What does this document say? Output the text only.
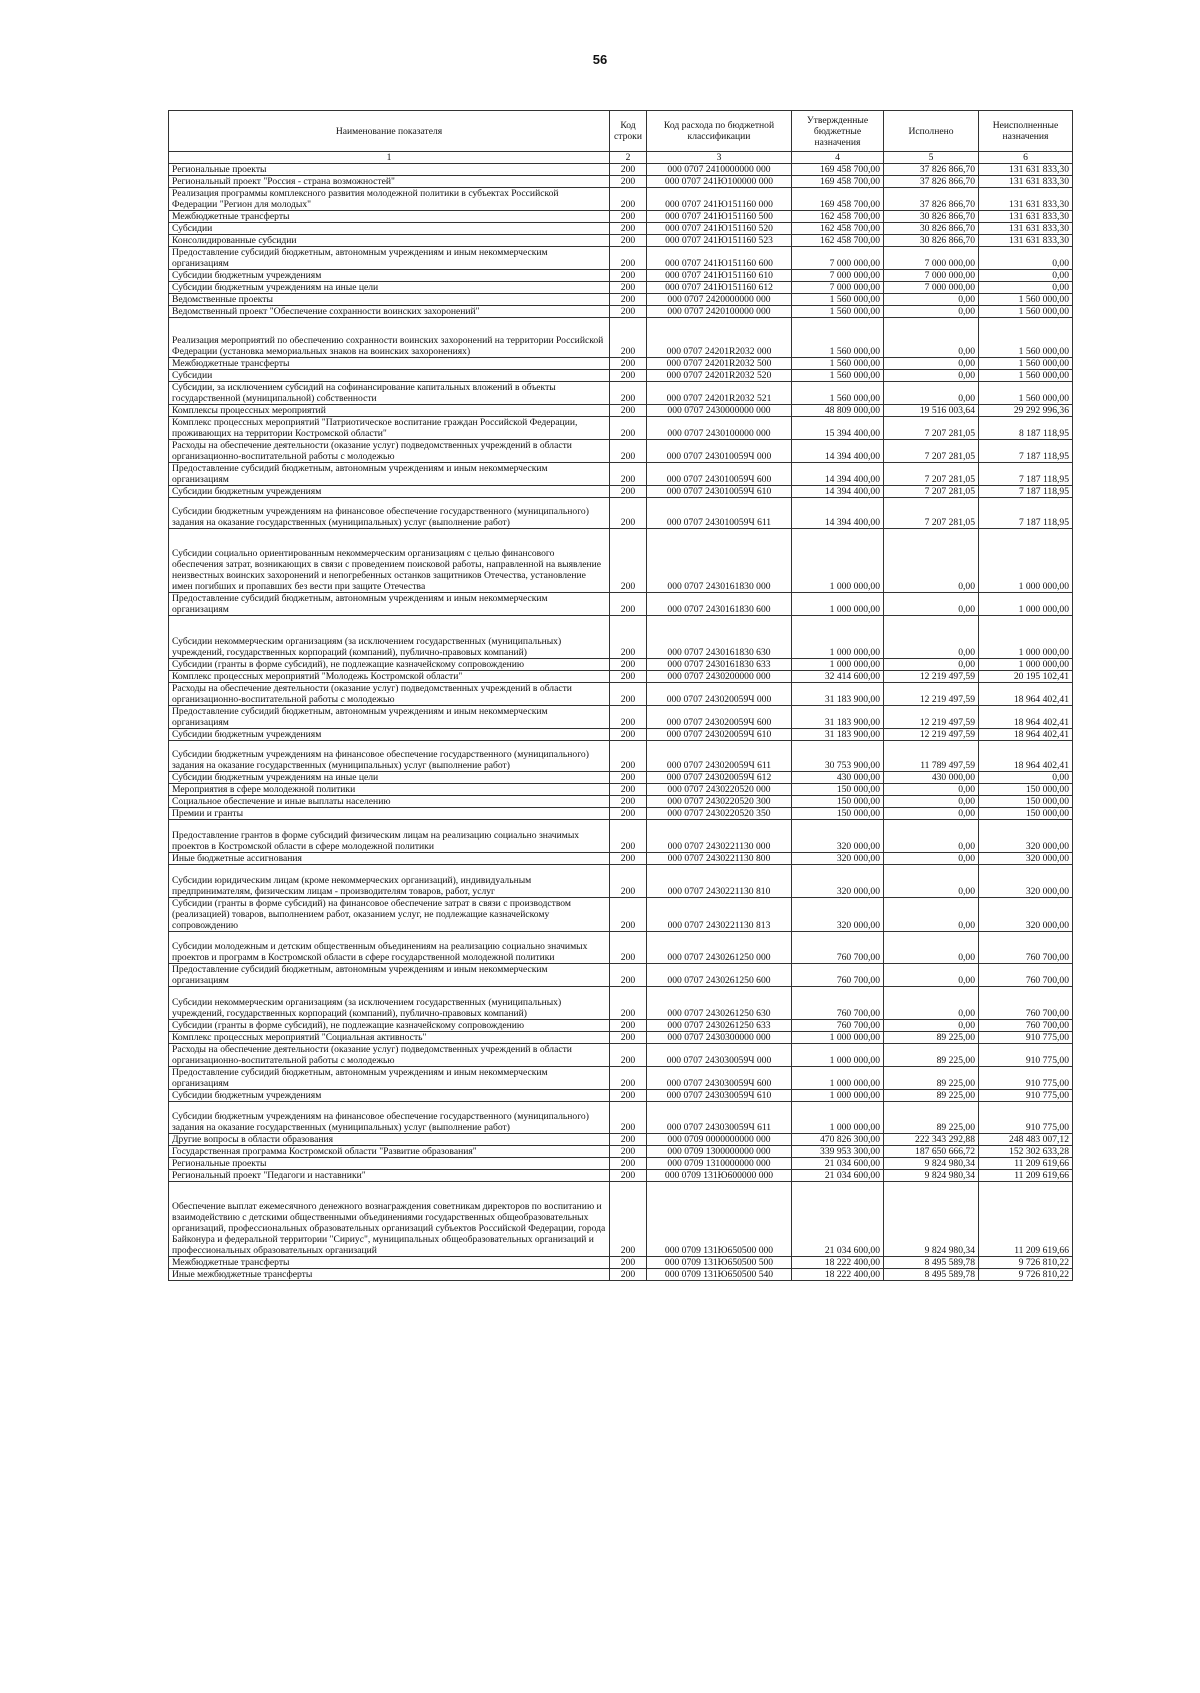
56
Наименование показателя	Код строки	Код расхода по бюджетной классификации	Утвержденные бюджетные назначения	Исполнено	Неисполненные назначения
1	2	3	4	5	6
Региональные проекты	200	000 0707 2410000000 000	169 458 700,00	37 826 866,70	131 631 833,30
Региональный проект "Россия - страна возможностей"	200	000 0707 241Ю100000 000	169 458 700,00	37 826 866,70	131 631 833,30
Реализация программы комплексного развития молодежной политики в субъектах Российской Федерации "Регион для молодых"	200	000 0707 241Ю151160 000	169 458 700,00	37 826 866,70	131 631 833,30
Межбюджетные трансферты	200	000 0707 241Ю151160 500	162 458 700,00	30 826 866,70	131 631 833,30
Субсидии	200	000 0707 241Ю151160 520	162 458 700,00	30 826 866,70	131 631 833,30
Консолидированные субсидии	200	000 0707 241Ю151160 523	162 458 700,00	30 826 866,70	131 631 833,30
Предоставление субсидий бюджетным, автономным учреждениям и иным некоммерческим организациям	200	000 0707 241Ю151160 600	7 000 000,00	7 000 000,00	0,00
Субсидии бюджетным учреждениям	200	000 0707 241Ю151160 610	7 000 000,00	7 000 000,00	0,00
Субсидии бюджетным учреждениям на иные цели	200	000 0707 241Ю151160 612	7 000 000,00	7 000 000,00	0,00
Ведомственные проекты	200	000 0707 2420000000 000	1 560 000,00	0,00	1 560 000,00
Ведомственный проект "Обеспечение сохранности воинских захоронений"	200	000 0707 2420100000 000	1 560 000,00	0,00	1 560 000,00
Реализация мероприятий по обеспечению сохранности воинских захоронений на территории Российской Федерации (установка мемориальных знаков на воинских захоронениях)	200	000 0707 24201R2032 000	1 560 000,00	0,00	1 560 000,00
Межбюджетные трансферты	200	000 0707 24201R2032 500	1 560 000,00	0,00	1 560 000,00
Субсидии	200	000 0707 24201R2032 520	1 560 000,00	0,00	1 560 000,00
Субсидии, за исключением субсидий на софинансирование капитальных вложений в объекты государственной (муниципальной) собственности	200	000 0707 24201R2032 521	1 560 000,00	0,00	1 560 000,00
Комплексы процессных мероприятий	200	000 0707 2430000000 000	48 809 000,00	19 516 003,64	29 292 996,36
Комплекс процессных мероприятий "Патриотическое воспитание граждан Российской Федерации, проживающих на территории Костромской области"	200	000 0707 2430100000 000	15 394 400,00	7 207 281,05	8 187 118,95
Расходы на обеспечение деятельности (оказание услуг) подведомственных учреждений в области организационно-воспитательной работы с молодежью	200	000 0707 243010059Ч 000	14 394 400,00	7 207 281,05	7 187 118,95
Предоставление субсидий бюджетным, автономным учреждениям и иным некоммерческим организациям	200	000 0707 243010059Ч 600	14 394 400,00	7 207 281,05	7 187 118,95
Субсидии бюджетным учреждениям	200	000 0707 243010059Ч 610	14 394 400,00	7 207 281,05	7 187 118,95
Субсидии бюджетным учреждениям на финансовое обеспечение государственного (муниципального) задания на оказание государственных (муниципальных) услуг (выполнение работ)	200	000 0707 243010059Ч 611	14 394 400,00	7 207 281,05	7 187 118,95
Субсидии социально ориентированным некоммерческим организациям с целью финансового обеспечения затрат, возникающих в связи с проведением поисковой работы, направленной на выявление неизвестных воинских захоронений и непогребенных останков защитников Отечества, установление имен погибших и пропавших без вести при защите Отечества	200	000 0707 2430161830 000	1 000 000,00	0,00	1 000 000,00
Предоставление субсидий бюджетным, автономным учреждениям и иным некоммерческим организациям	200	000 0707 2430161830 600	1 000 000,00	0,00	1 000 000,00
Субсидии некоммерческим организациям (за исключением государственных (муниципальных) учреждений, государственных корпораций (компаний), публично-правовых компаний)	200	000 0707 2430161830 630	1 000 000,00	0,00	1 000 000,00
Субсидии (гранты в форме субсидий), не подлежащие казначейскому сопровождению	200	000 0707 2430161830 633	1 000 000,00	0,00	1 000 000,00
Комплекс процессных мероприятий "Молодежь Костромской области"	200	000 0707 2430200000 000	32 414 600,00	12 219 497,59	20 195 102,41
Расходы на обеспечение деятельности (оказание услуг) подведомственных учреждений в области организационно-воспитательной работы с молодежью	200	000 0707 243020059Ч 000	31 183 900,00	12 219 497,59	18 964 402,41
Предоставление субсидий бюджетным, автономным учреждениям и иным некоммерческим организациям	200	000 0707 243020059Ч 600	31 183 900,00	12 219 497,59	18 964 402,41
Субсидии бюджетным учреждениям	200	000 0707 243020059Ч 610	31 183 900,00	12 219 497,59	18 964 402,41
Субсидии бюджетным учреждениям на финансовое обеспечение государственного (муниципального) задания на оказание государственных (муниципальных) услуг (выполнение работ)	200	000 0707 243020059Ч 611	30 753 900,00	11 789 497,59	18 964 402,41
Субсидии бюджетным учреждениям на иные цели	200	000 0707 243020059Ч 612	430 000,00	430 000,00	0,00
Мероприятия в сфере молодежной политики	200	000 0707 2430220520 000	150 000,00	0,00	150 000,00
Социальное обеспечение и иные выплаты населению	200	000 0707 2430220520 300	150 000,00	0,00	150 000,00
Премии и гранты	200	000 0707 2430220520 350	150 000,00	0,00	150 000,00
Предоставление грантов в форме субсидий физическим лицам на реализацию социально значимых проектов в Костромской области в сфере молодежной политики	200	000 0707 2430221130 000	320 000,00	0,00	320 000,00
Иные бюджетные ассигнования	200	000 0707 2430221130 800	320 000,00	0,00	320 000,00
Субсидии юридическим лицам (кроме некоммерческих организаций), индивидуальным предпринимателям, физическим лицам - производителям товаров, работ, услуг	200	000 0707 2430221130 810	320 000,00	0,00	320 000,00
Субсидии (гранты в форме субсидий) на финансовое обеспечение затрат в связи с производством (реализацией) товаров, выполнением работ, оказанием услуг, не подлежащие казначейскому сопровождению	200	000 0707 2430221130 813	320 000,00	0,00	320 000,00
Субсидии молодежным и детским общественным объединениям на реализацию социально значимых проектов и программ в Костромской области в сфере государственной молодежной политики	200	000 0707 2430261250 000	760 700,00	0,00	760 700,00
Предоставление субсидий бюджетным, автономным учреждениям и иным некоммерческим организациям	200	000 0707 2430261250 600	760 700,00	0,00	760 700,00
Субсидии некоммерческим организациям (за исключением государственных (муниципальных) учреждений, государственных корпораций (компаний), публично-правовых компаний)	200	000 0707 2430261250 630	760 700,00	0,00	760 700,00
Субсидии (гранты в форме субсидий), не подлежащие казначейскому сопровождению	200	000 0707 2430261250 633	760 700,00	0,00	760 700,00
Комплекс процессных мероприятий "Социальная активность"	200	000 0707 2430300000 000	1 000 000,00	89 225,00	910 775,00
Расходы на обеспечение деятельности (оказание услуг) подведомственных учреждений в области организационно-воспитательной работы с молодежью	200	000 0707 243030059Ч 000	1 000 000,00	89 225,00	910 775,00
Предоставление субсидий бюджетным, автономным учреждениям и иным некоммерческим организациям	200	000 0707 243030059Ч 600	1 000 000,00	89 225,00	910 775,00
Субсидии бюджетным учреждениям	200	000 0707 243030059Ч 610	1 000 000,00	89 225,00	910 775,00
Субсидии бюджетным учреждениям на финансовое обеспечение государственного (муниципального) задания на оказание государственных (муниципальных) услуг (выполнение работ)	200	000 0707 243030059Ч 611	1 000 000,00	89 225,00	910 775,00
Другие вопросы в области образования	200	000 0709 0000000000 000	470 826 300,00	222 343 292,88	248 483 007,12
Государственная программа Костромской области "Развитие образования"	200	000 0709 1300000000 000	339 953 300,00	187 650 666,72	152 302 633,28
Региональные проекты	200	000 0709 1310000000 000	21 034 600,00	9 824 980,34	11 209 619,66
Региональный проект "Педагоги и наставники"	200	000 0709 131Ю600000 000	21 034 600,00	9 824 980,34	11 209 619,66
Обеспечение выплат ежемесячного денежного вознаграждения советникам директоров по воспитанию и взаимодействию с детскими общественными объединениями государственных общеобразовательных организаций, профессиональных образовательных организаций субъектов Российской Федерации, города Байконура и федеральной территории "Сириус", муниципальных общеобразовательных организаций и профессиональных образовательных организаций	200	000 0709 131Ю650500 000	21 034 600,00	9 824 980,34	11 209 619,66
Межбюджетные трансферты	200	000 0709 131Ю650500 500	18 222 400,00	8 495 589,78	9 726 810,22
Иные межбюджетные трансферты	200	000 0709 131Ю650500 540	18 222 400,00	8 495 589,78	9 726 810,22
